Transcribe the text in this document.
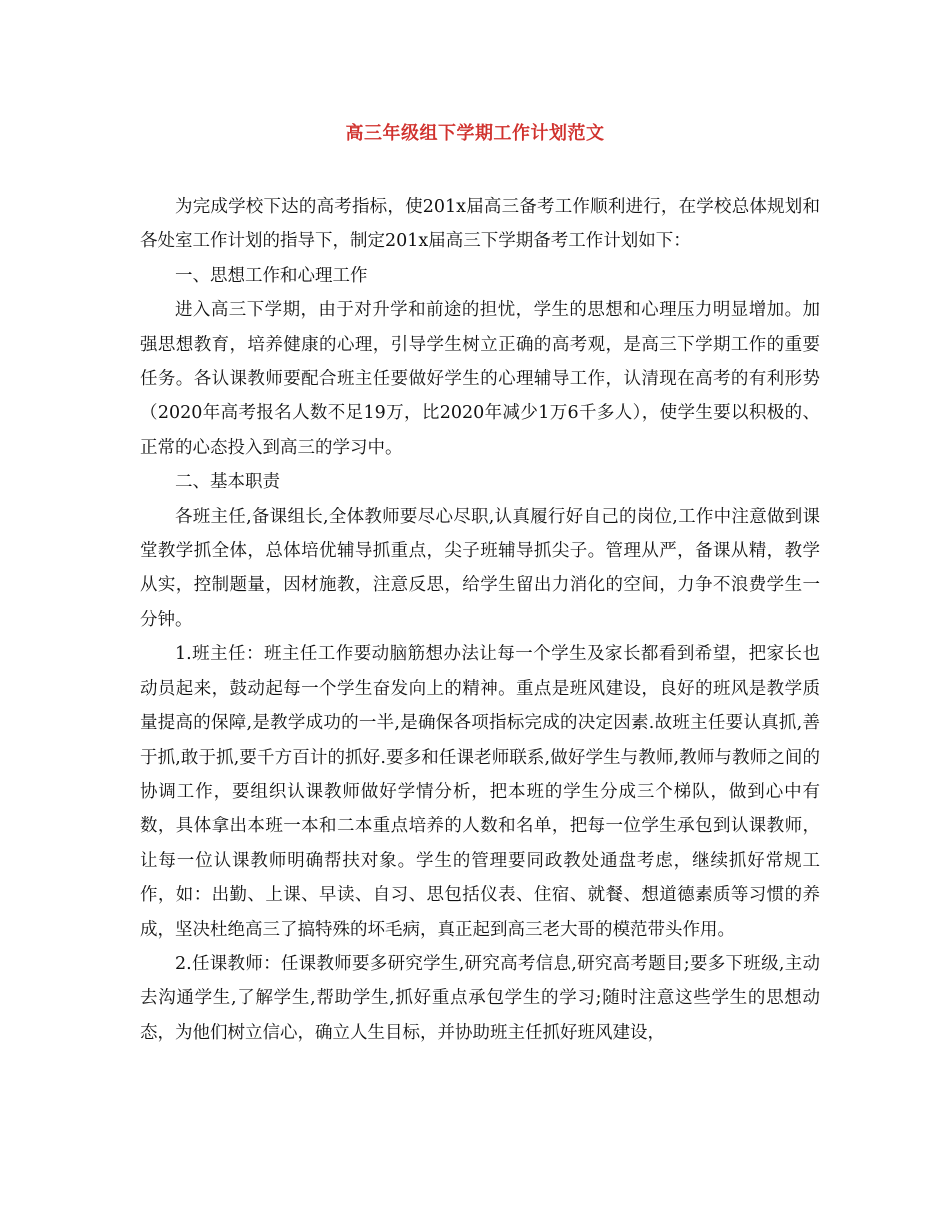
高三年级组下学期工作计划范文

为完成学校下达的高考指标，使201x届高三备考工作顺利进行，在学校总体规划和各处室工作计划的指导下，制定201x届高三下学期备考工作计划如下：

一、思想工作和心理工作

进入高三下学期，由于对升学和前途的担忧，学生的思想和心理压力明显增加。加强思想教育，培养健康的心理，引导学生树立正确的高考观，是高三下学期工作的重要任务。各认课教师要配合班主任要做好学生的心理辅导工作，认清现在高考的有利形势（2020年高考报名人数不足19万，比2020年减少1万6千多人），使学生要以积极的、正常的心态投入到高三的学习中。

二、基本职责

各班主任,备课组长,全体教师要尽心尽职,认真履行好自己的岗位,工作中注意做到课堂教学抓全体，总体培优辅导抓重点，尖子班辅导抓尖子。管理从严，备课从精，教学从实，控制题量，因材施教，注意反思，给学生留出力消化的空间，力争不浪费学生一分钟。

1.班主任：班主任工作要动脑筋想办法让每一个学生及家长都看到希望，把家长也动员起来，鼓动起每一个学生奋发向上的精神。重点是班风建设，良好的班风是教学质量提高的保障,是教学成功的一半,是确保各项指标完成的决定因素.故班主任要认真抓,善于抓,敢于抓,要千方百计的抓好.要多和任课老师联系,做好学生与教师,教师与教师之间的协调工作，要组织认课教师做好学情分析，把本班的学生分成三个梯队，做到心中有数，具体拿出本班一本和二本重点培养的人数和名单，把每一位学生承包到认课教师，让每一位认课教师明确帮扶对象。学生的管理要同政教处通盘考虑，继续抓好常规工作，如：出勤、上课、早读、自习、思包括仪表、住宿、就餐、想道德素质等习惯的养成，坚决杜绝高三了搞特殊的坏毛病，真正起到高三老大哥的模范带头作用。

2.任课教师：任课教师要多研究学生,研究高考信息,研究高考题目;要多下班级,主动去沟通学生,了解学生,帮助学生,抓好重点承包学生的学习;随时注意这些学生的思想动态，为他们树立信心，确立人生目标，并协助班主任抓好班风建设，
